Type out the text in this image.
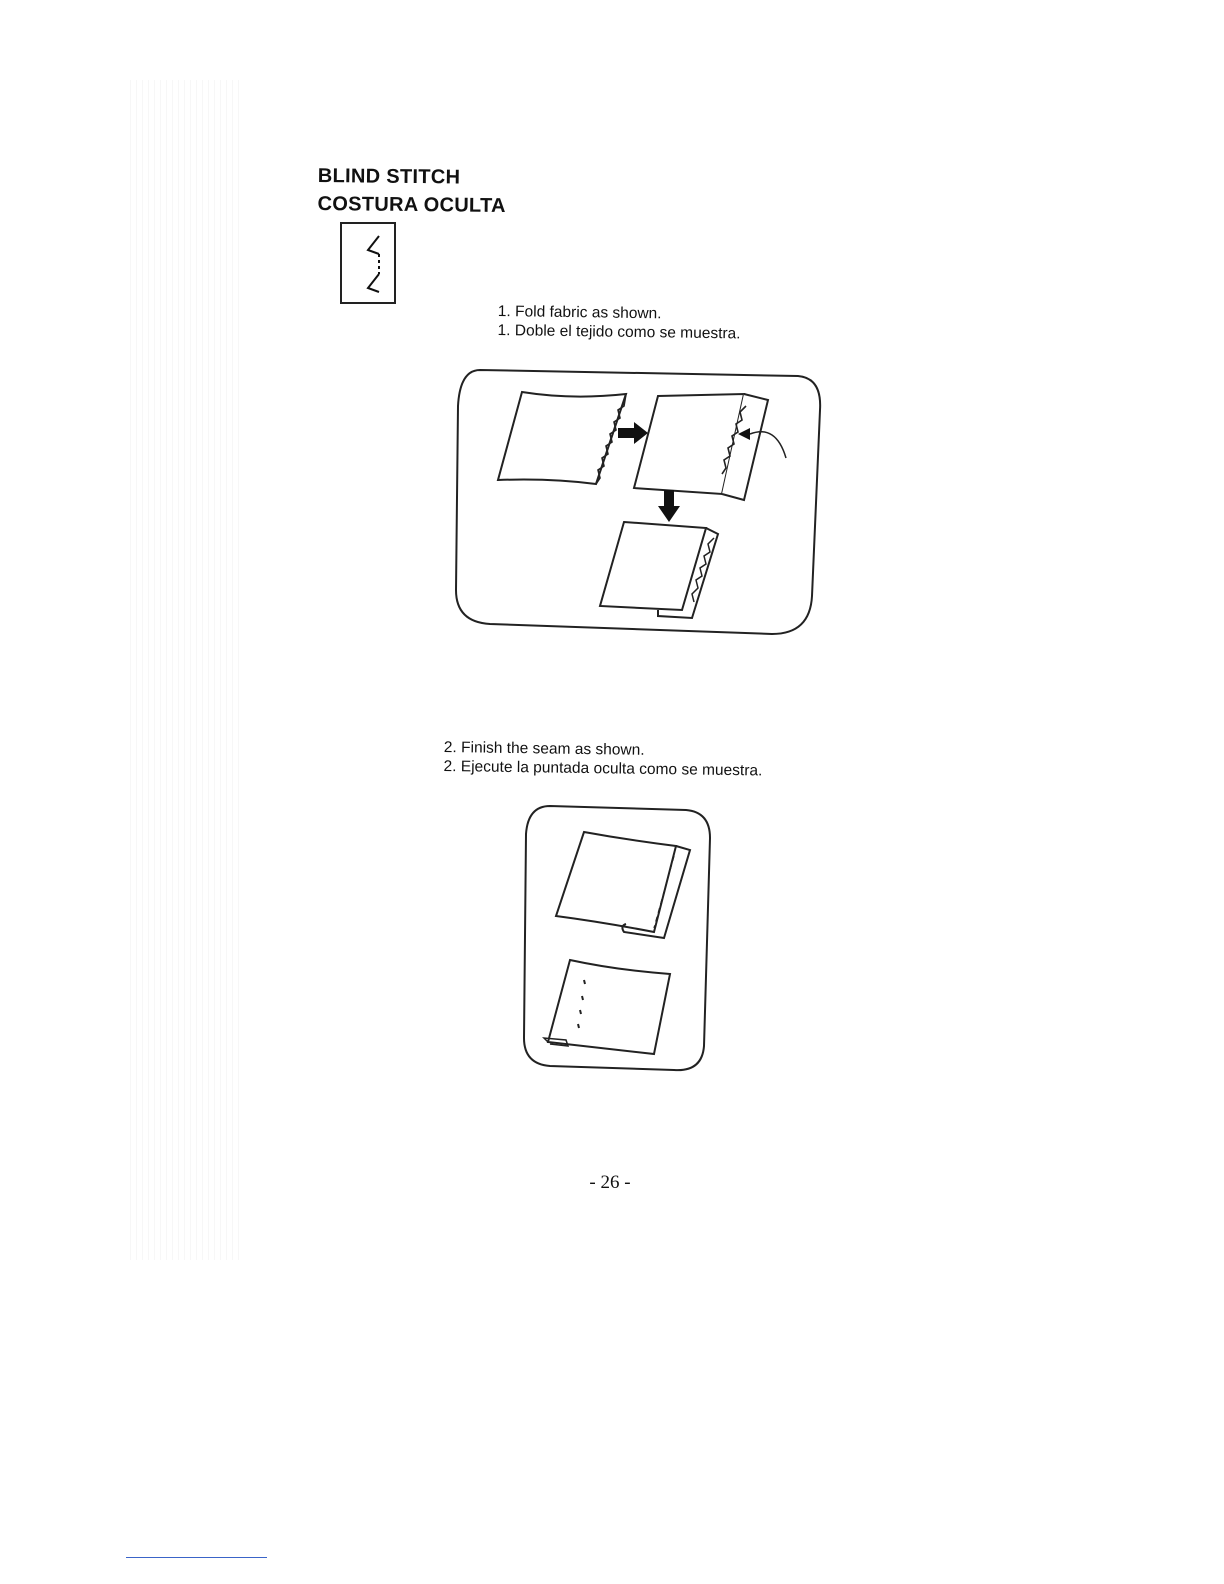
BLIND STITCH
COSTURA OCULTA
1. Fold fabric as shown.
1. Doble el tejido como se muestra.
2. Finish the seam as shown.
2. Ejecute la puntada oculta como se muestra.
- 26 -
